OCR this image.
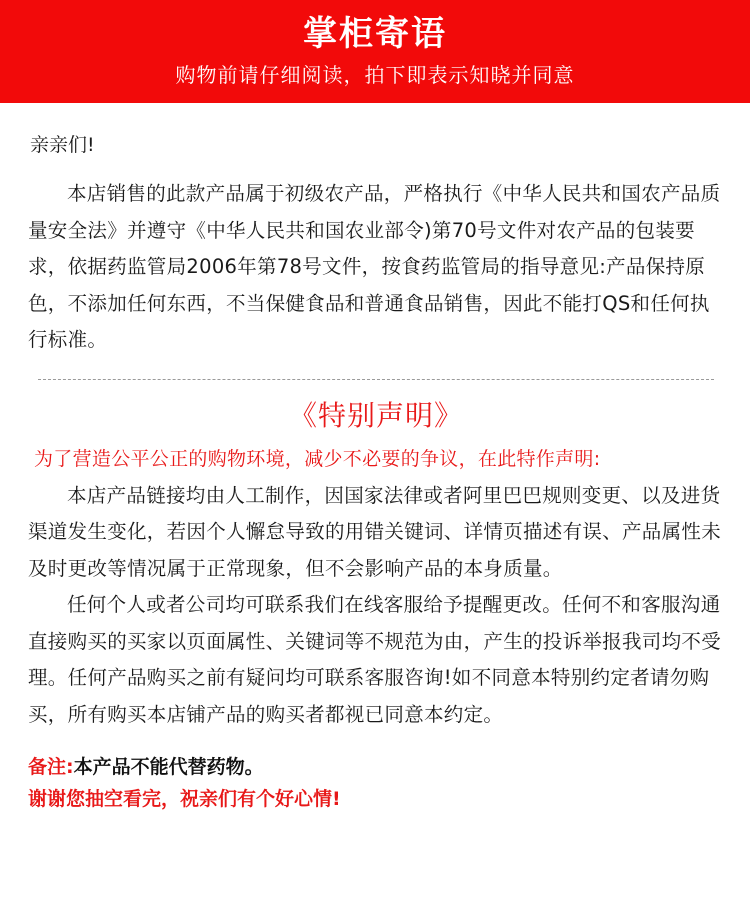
掌柜寄语
购物前请仔细阅读，拍下即表示知晓并同意
亲亲们!

本店销售的此款产品属于初级农产品，严格执行《中华人民共和国农产品质量安全法》并遵守《中华人民共和国农业部令)第70号文件对农产品的包装要求，依据药监管局2006年第78号文件，按食药监管局的指导意见:产品保持原色，不添加任何东西，不当保健食品和普通食品销售，因此不能打QS和任何执行标准。

《特别声明》
为了营造公平公正的购物环境，减少不必要的争议，在此特作声明:

本店产品链接均由人工制作，因国家法律或者阿里巴巴规则变更、以及进货渠道发生变化，若因个人懈怠导致的用错关键词、详情页描述有误、产品属性未及时更改等情况属于正常现象，但不会影响产品的本身质量。

任何个人或者公司均可联系我们在线客服给予提醒更改。任何不和客服沟通直接购买的买家以页面属性、关键词等不规范为由，产生的投诉举报我司均不受理。任何产品购买之前有疑问均可联系客服咨询!如不同意本特别约定者请勿购买，所有购买本店铺产品的购买者都视已同意本约定。

备注:本产品不能代替药物。
谢谢您抽空看完，祝亲们有个好心情!
